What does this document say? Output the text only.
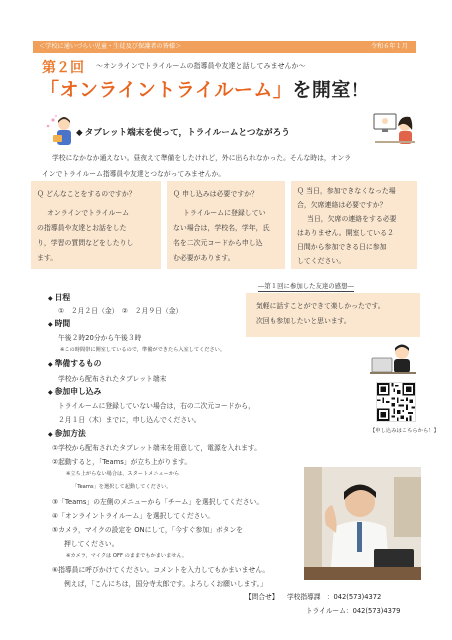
＜学校に通いづらい児童・生徒及び保護者の皆様＞	令和６年１月
第２回 ～オンラインでトライルームの指導員や友達と話してみませんか～
「オンライントライルーム」を開室！
◆ タブレット端末を使って，トライルームとつながろう
学校になかなか通えない。昼夜えて準備をしたけれど，外に出られなかった。そんな時は，オンラ
インでトライルーム指導員や友達とつながってみませんか。
Ｑ どんなことをするのですか？
オンラインでトライルーム
の指導員や友達とお話をした
り，学習の質問などをしたりし
ます。
Ｑ 申し込みは必要ですか？
トライルームに登録してい
ない場合は，学校名，学年，氏
名を二次元コードから申し込
む必要があります。
Ｑ 当日，参加できなくなった場
合，欠席連絡は必要ですか？
当日，欠席の連絡をする必要
はありません。開室している２
日間から参加できる日に参加
してください。
―第１回に参加した友達の感想―
気軽に話すことができて楽しかったです。
次回も参加したいと思います。
◆ 日程
①　２月２日（金）　②　２月９日（金）
◆ 時間
午後２時20分から午後３時
※この時間帯に開室しているので，準備ができたら入室してください。
◆ 準備するもの
学校から配布されたタブレット端末
◆ 参加申し込み
トライルームに登録していない場合は，右の二次元コードから，
２月１日（木）までに，申し込んでください。
【申し込みはこちらから！】
◆ 参加方法
①学校から配布されたタブレット端末を用意して，電源を入れます。
②起動すると，「Teams」が立ち上がります。
※立ち上がらない場合は，スタートメニューから
「Teams」を選択して起動してください。
③「Teams」の左側のメニューから「チーム」を選択してください。
④「オンライントライルーム」を選択してください。
⑤カメラ，マイクの設定を ONにして，「今すぐ参加」ボタンを
押してください。
※カメラ，マイクは OFF のままでもかまいません。
⑥指導員に呼びかけてください。コメントを入力してもかまいません。
例えば，「こんにちは，国分寺太郎です。よろしくお願いします。」
【問合せ】 学校指導課 ：042(573)4372
トライルーム：042(573)4379
